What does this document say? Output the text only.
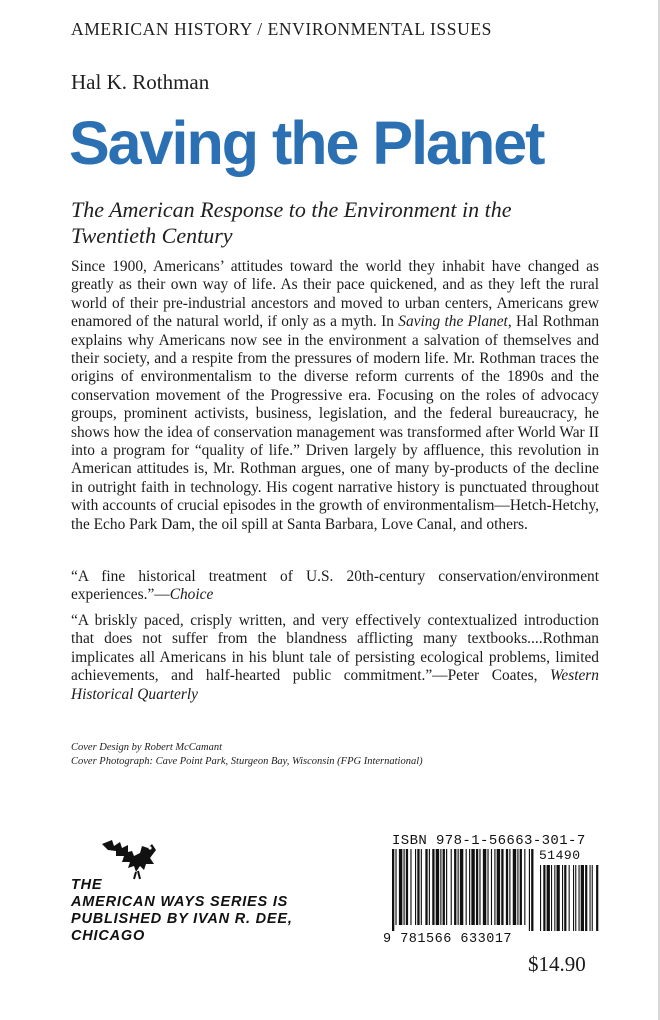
AMERICAN HISTORY / ENVIRONMENTAL ISSUES
Hal K. Rothman
Saving the Planet
The American Response to the Environment in the Twentieth Century

Since 1900, Americans’ attitudes toward the world they inhabit have changed as greatly as their own way of life. As their pace quickened, and as they left the rural world of their pre-industrial ancestors and moved to urban centers, Americans grew enamored of the natural world, if only as a myth. In Saving the Planet, Hal Rothman explains why Americans now see in the environment a salvation of themselves and their society, and a respite from the pressures of modern life. Mr. Rothman traces the origins of environmentalism to the diverse reform currents of the 1890s and the conservation movement of the Progressive era. Focusing on the roles of advocacy groups, prominent activists, business, legislation, and the federal bureaucracy, he shows how the idea of conservation management was transformed after World War II into a program for “quality of life.” Driven largely by affluence, this revolution in American attitudes is, Mr. Rothman argues, one of many by-products of the decline in outright faith in technology. His cogent narrative history is punctuated throughout with accounts of crucial episodes in the growth of environmentalism—Hetch-Hetchy, the Echo Park Dam, the oil spill at Santa Barbara, Love Canal, and others.

“A fine historical treatment of U.S. 20th-century conservation/environment experiences.”—Choice

“A briskly paced, crisply written, and very effectively contextualized introduction that does not suffer from the blandness afflicting many textbooks....Rothman implicates all Americans in his blunt tale of persisting ecological problems, limited achievements, and half-hearted public commitment.”—Peter Coates, Western Historical Quarterly

Cover Design by Robert McCamant
Cover Photograph: Cave Point Park, Sturgeon Bay, Wisconsin (FPG International)

THE
AMERICAN WAYS SERIES IS
PUBLISHED BY IVAN R. DEE,
CHICAGO

ISBN 978-1-56663-301-7
51490
9 781566 633017
$14.90
